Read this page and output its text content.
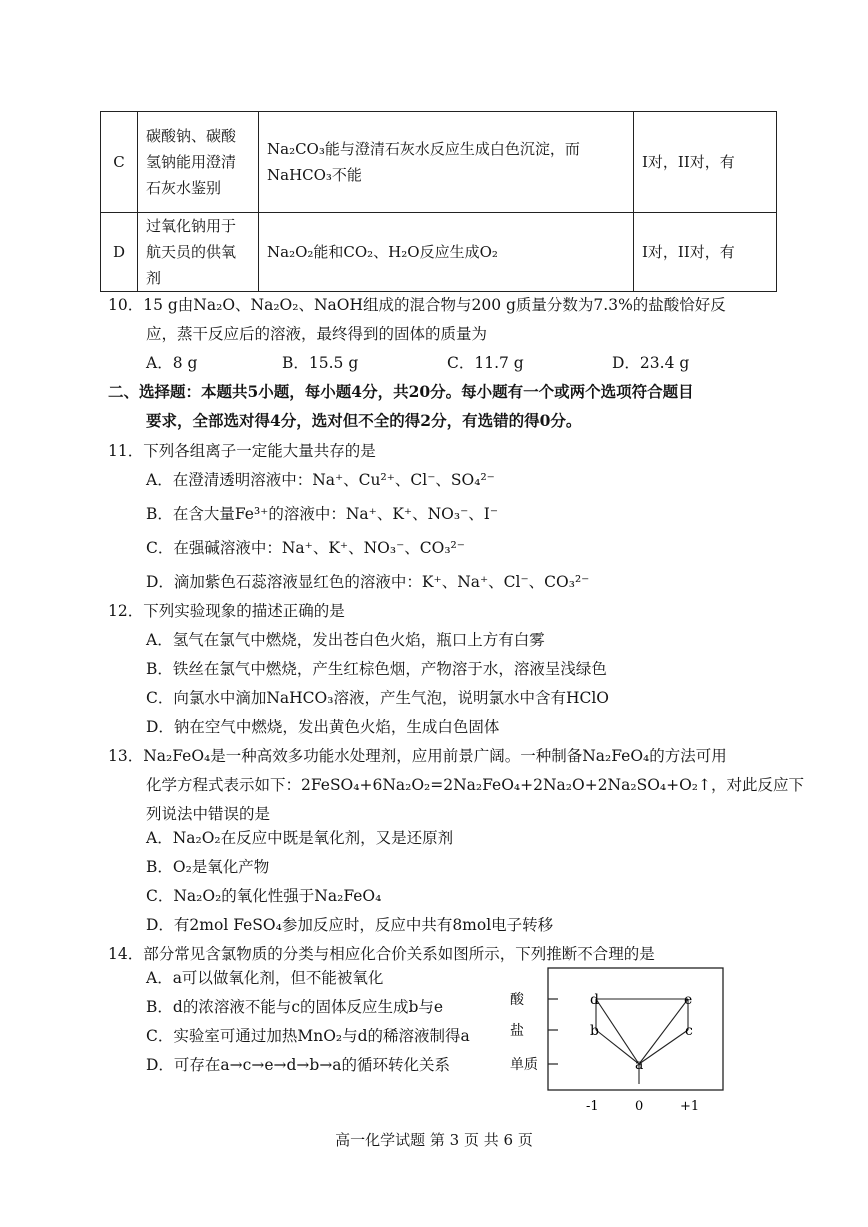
C	碳酸钠、碳酸氢钠能用澄清石灰水鉴别	Na₂CO₃能与澄清石灰水反应生成白色沉淀，而
NaHCO₃不能	I对，II对，有
D	过氧化钠用于航天员的供氧剂	Na₂O₂能和CO₂、H₂O反应生成O₂	I对，II对，有
10．15 g由Na₂O、Na₂O₂、NaOH组成的混合物与200 g质量分数为7.3%的盐酸恰好反
应，蒸干反应后的溶液，最终得到的固体的质量为
A．8 g	B．15.5 g	C．11.7 g	D．23.4 g
二、选择题：本题共5小题，每小题4分，共20分。每小题有一个或两个选项符合题目
要求，全部选对得4分，选对但不全的得2分，有选错的得0分。
11．下列各组离子一定能大量共存的是
A．在澄清透明溶液中：Na⁺、Cu²⁺、Cl⁻、SO₄²⁻
B．在含大量Fe³⁺的溶液中：Na⁺、K⁺、NO₃⁻、I⁻
C．在强碱溶液中：Na⁺、K⁺、NO₃⁻、CO₃²⁻
D．滴加紫色石蕊溶液显红色的溶液中：K⁺、Na⁺、Cl⁻、CO₃²⁻
12．下列实验现象的描述正确的是
A．氢气在氯气中燃烧，发出苍白色火焰，瓶口上方有白雾
B．铁丝在氯气中燃烧，产生红棕色烟，产物溶于水，溶液呈浅绿色
C．向氯水中滴加NaHCO₃溶液，产生气泡，说明氯水中含有HClO
D．钠在空气中燃烧，发出黄色火焰，生成白色固体
13．Na₂FeO₄是一种高效多功能水处理剂，应用前景广阔。一种制备Na₂FeO₄的方法可用
化学方程式表示如下：2FeSO₄+6Na₂O₂=2Na₂FeO₄+2Na₂O+2Na₂SO₄+O₂↑，对此反应下
列说法中错误的是
A．Na₂O₂在反应中既是氧化剂，又是还原剂
B．O₂是氧化产物
C．Na₂O₂的氧化性强于Na₂FeO₄
D．有2mol FeSO₄参加反应时，反应中共有8mol电子转移
14．部分常见含氯物质的分类与相应化合价关系如图所示，下列推断不合理的是
A．a可以做氧化剂，但不能被氧化
B．d的浓溶液不能与c的固体反应生成b与e
C．实验室可通过加热MnO₂与d的稀溶液制得a
D．可存在a→c→e→d→b→a的循环转化关系
d	e
b	c
a
酸
盐
单质
-1	0	+1
高一化学试题 第 3 页 共 6 页
